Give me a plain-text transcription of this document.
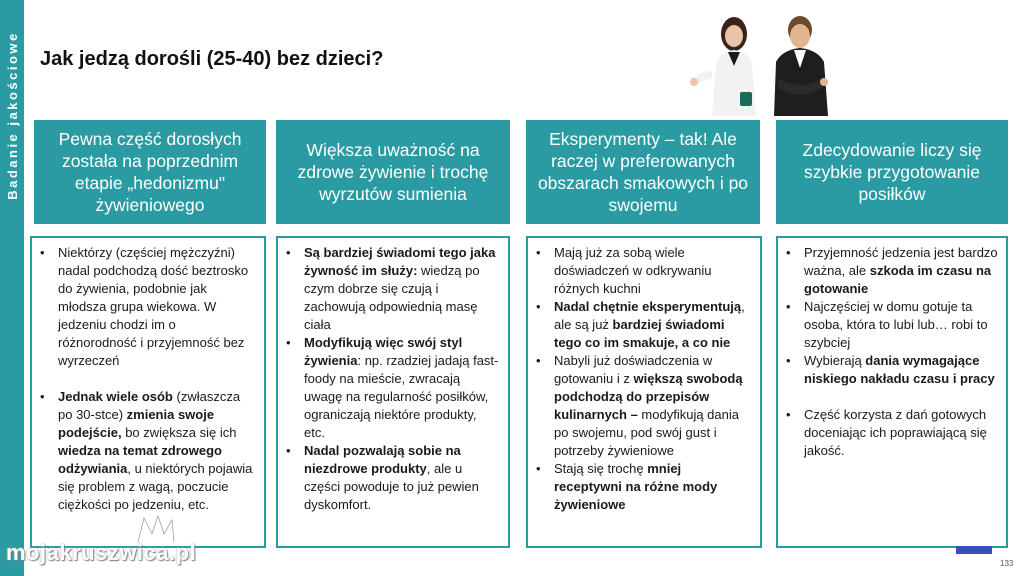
Badanie jakościowe Jak jedzą dorośli (25-40) bez dzieci?
Pewna część dorosłych została na poprzednim etapie „hedonizmu" żywieniowego
Większa uważność na zdrowe żywienie i trochę wyrzutów sumienia
Eksperymenty – tak! Ale raczej w preferowanych obszarach smakowych i po swojemu
Zdecydowanie liczy się szybkie przygotowanie posiłków
• Niektórzy (częściej mężczyźni) nadal podchodzą dość beztrosko do żywienia, podobnie jak młodsza grupa wiekowa. W jedzeniu chodzi im o różnorodność i przyjemność bez wyrzeczeń
• Jednak wiele osób (zwłaszcza po 30-stce) zmienia swoje podejście, bo zwiększa się ich wiedza na temat zdrowego odżywiania, u niektórych pojawia się problem z wagą, poczucie ciężkości po jedzeniu, etc.
• Są bardziej świadomi tego jaka żywność im służy: wiedzą po czym dobrze się czują i zachowują odpowiednią masę ciała
• Modyfikują więc swój styl żywienia: np. rzadziej jadają fast-foody na mieście, zwracają uwagę na regularność posiłków, ograniczają niektóre produkty, etc.
• Nadal pozwalają sobie na niezdrowe produkty, ale u części powoduje to już pewien dyskomfort.
• Mają już za sobą wiele doświadczeń w odkrywaniu różnych kuchni
• Nadal chętnie eksperymentują, ale są już bardziej świadomi tego co im smakuje, a co nie
• Nabyli już doświadczenia w gotowaniu i z większą swobodą podchodzą do przepisów kulinarnych – modyfikują dania po swojemu, pod swój gust i potrzeby żywieniowe
• Stają się trochę mniej receptywni na różne mody żywieniowe
• Przyjemność jedzenia jest bardzo ważna, ale szkoda im czasu na gotowanie
• Najczęściej w domu gotuje ta osoba, która to lubi lub… robi to szybciej
• Wybierają dania wymagające niskiego nakładu czasu i pracy
• Część korzysta z dań gotowych doceniając ich poprawiającą się jakość.
mojakruszwica.pl	133
